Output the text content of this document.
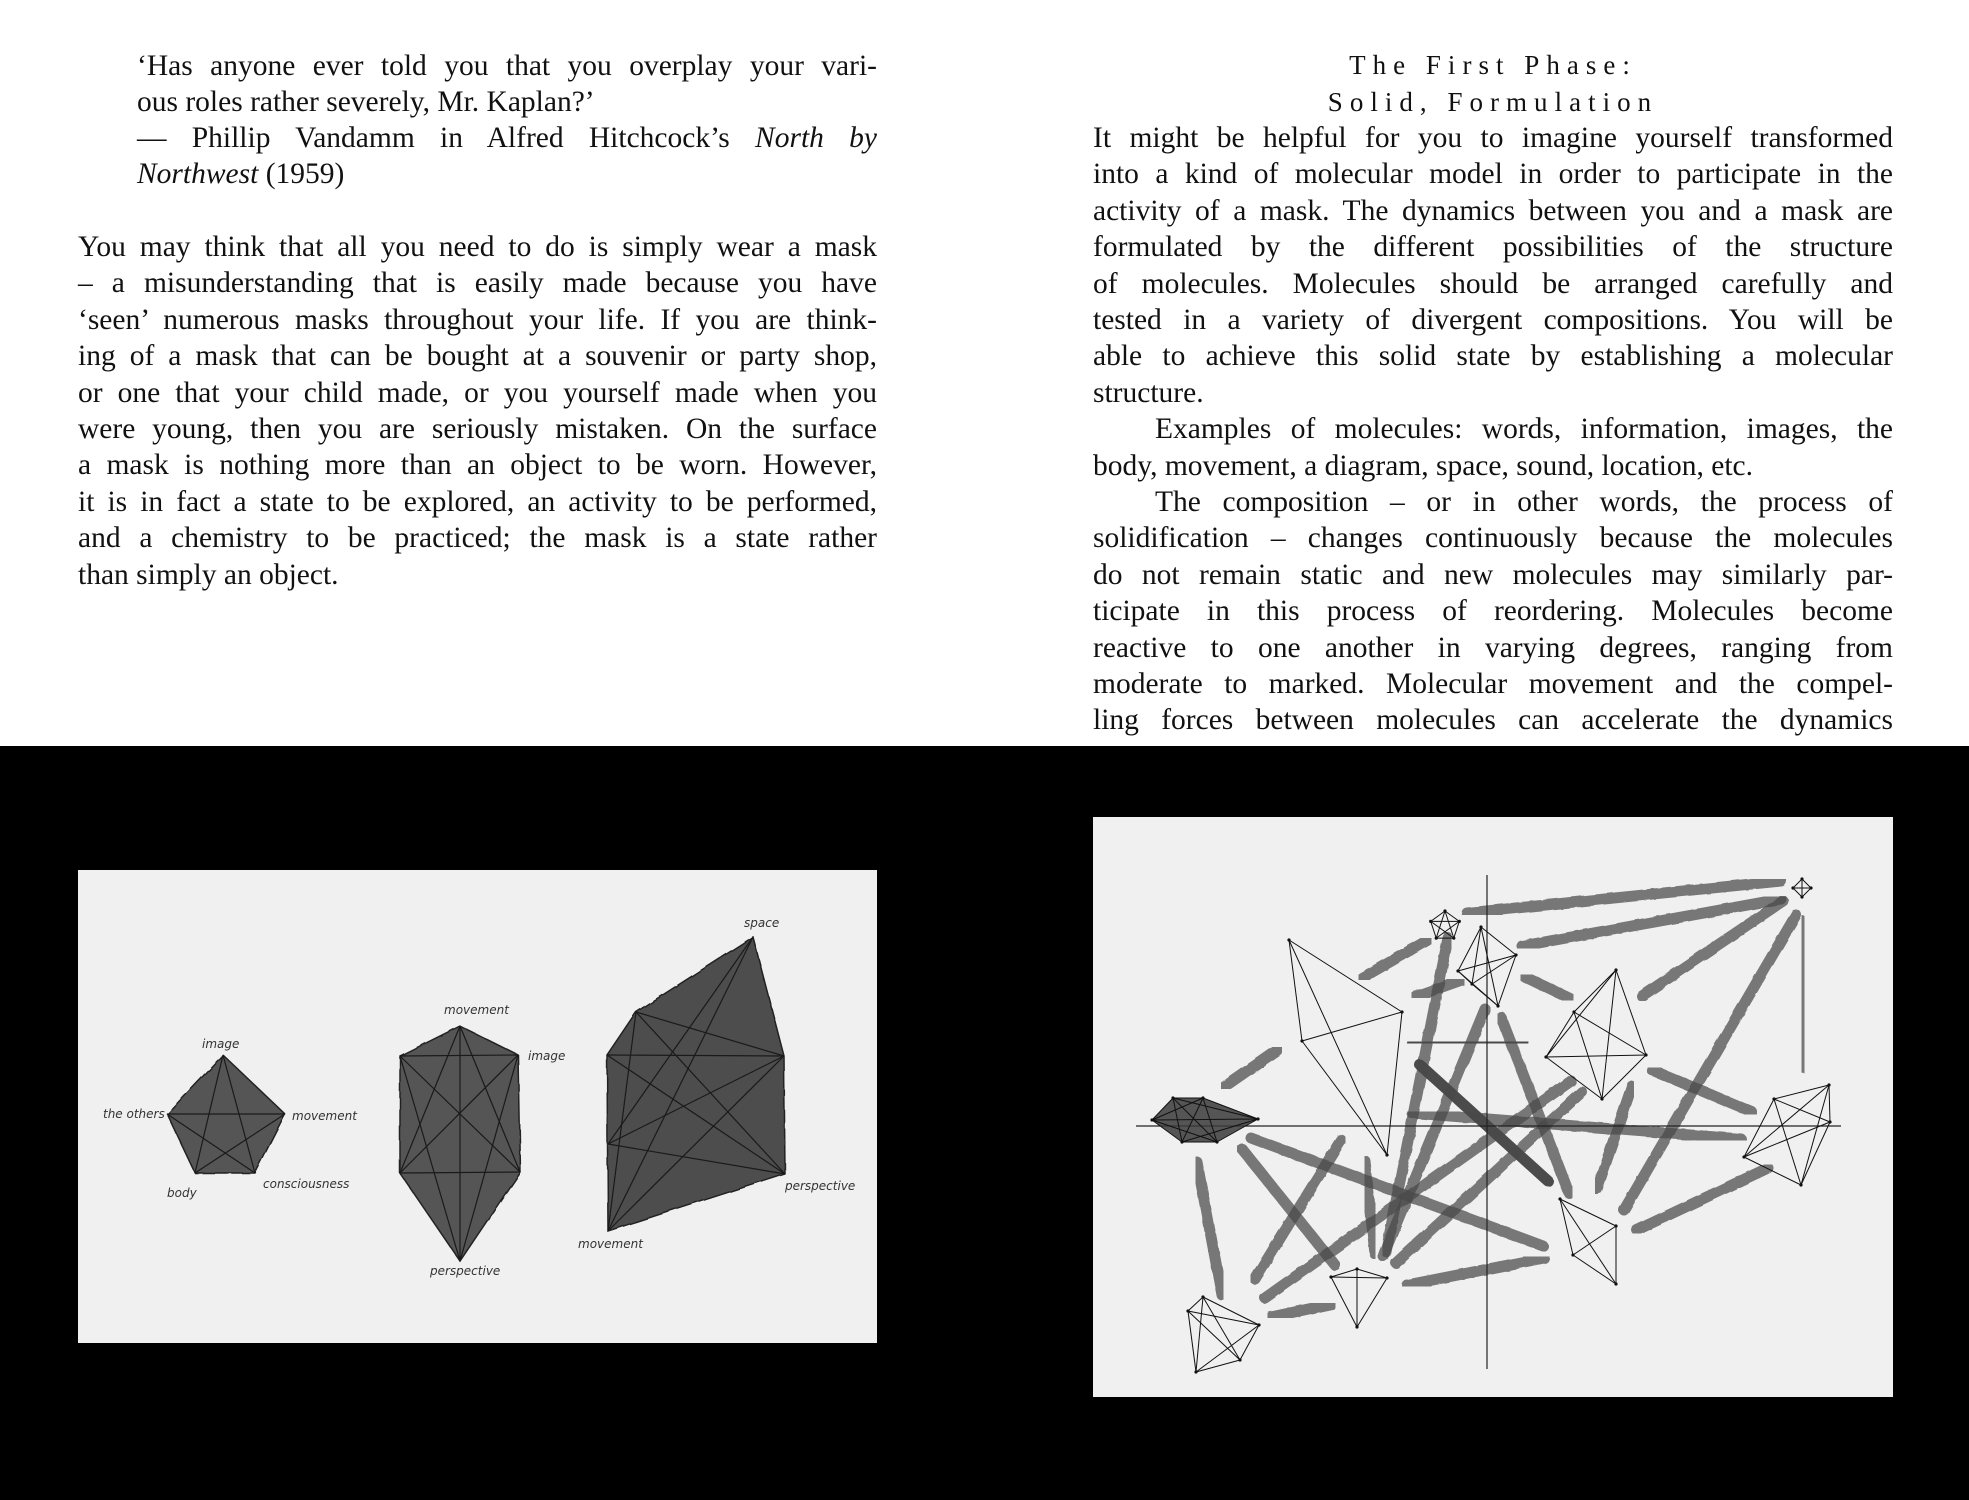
‘Has anyone ever told you that you overplay your vari-
ous roles rather severely, Mr. Kaplan?’
— Phillip Vandamm in Alfred Hitchcock’s North by
Northwest (1959)
You may think that all you need to do is simply wear a mask
– a misunderstanding that is easily made because you have
‘seen’ numerous masks throughout your life. If you are think-
ing of a mask that can be bought at a souvenir or party shop,
or one that your child made, or you yourself made when you
were young, then you are seriously mistaken. On the surface
a mask is nothing more than an object to be worn. However,
it is in fact a state to be explored, an activity to be performed,
and a chemistry to be practiced; the mask is a state rather
than simply an object.
The First Phase:
Solid, Formulation
It might be helpful for you to imagine yourself transformed
into a kind of molecular model in order to participate in the
activity of a mask. The dynamics between you and a mask are
formulated by the different possibilities of the structure
of molecules. Molecules should be arranged carefully and
tested in a variety of divergent compositions. You will be
able to achieve this solid state by establishing a molecular
structure.
Examples of molecules: words, information, images, the
body, movement, a diagram, space, sound, location, etc.
The composition – or in other words, the process of
solidification – changes continuously because the molecules
do not remain static and new molecules may similarly par-
ticipate in this process of reordering. Molecules become
reactive to one another in varying degrees, ranging from
moderate to marked. Molecular movement and the compel-
ling forces between molecules can accelerate the dynamics
image
the others	movement
body
consciousness
movement
image
perspective
space
perspective
movement
